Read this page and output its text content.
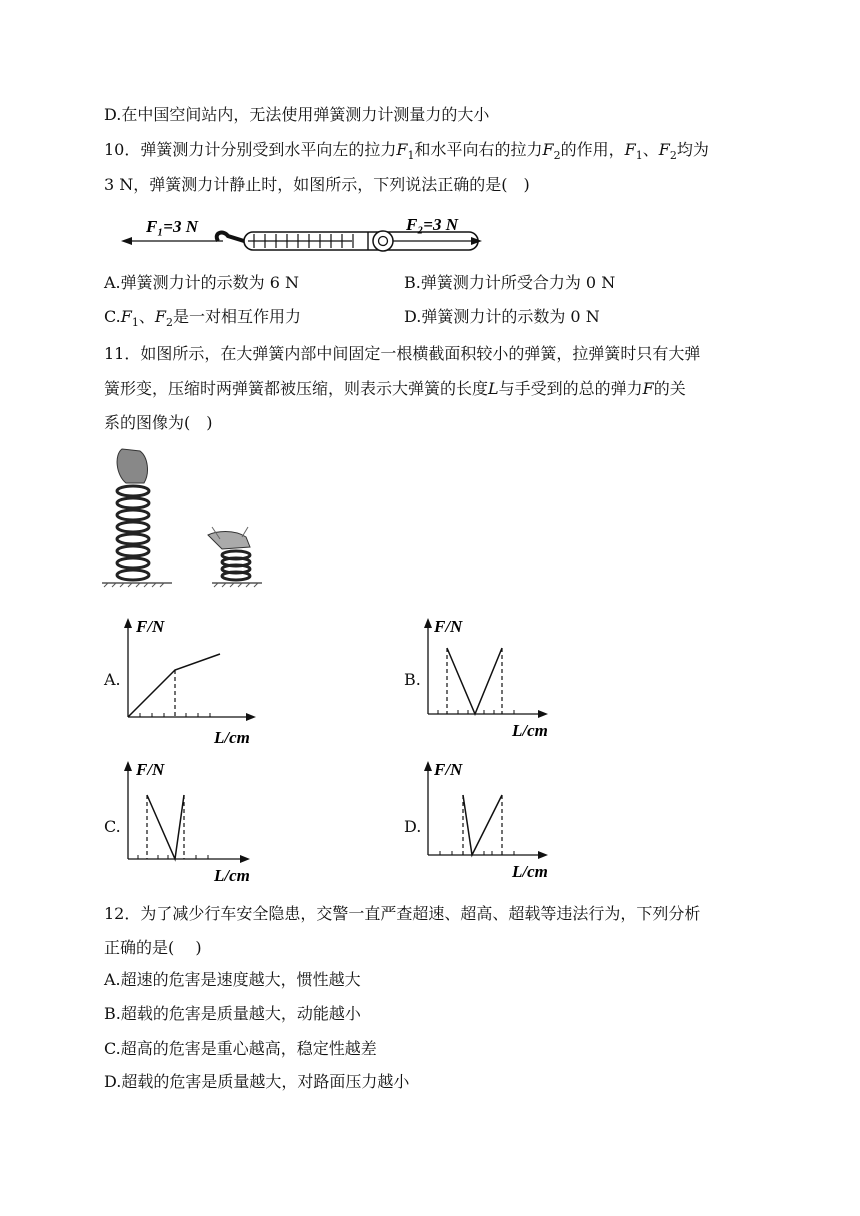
D.在中国空间站内，无法使用弹簧测力计测量力的大小
10．弹簧测力计分别受到水平向左的拉力$F_1$和水平向右的拉力$F_2$的作用，$F_1$、$F_2$均为
3 N，弹簧测力计静止时，如图所示，下列说法正确的是(　)
F₁=3 N	F₂=3 N
A.弹簧测力计的示数为 6 N	B.弹簧测力计所受合力为 0 N
$C.F_1$、$F_2$是一对相互作用力	D.弹簧测力计的示数为 0 N
11．如图所示，在大弹簧内部中间固定一根横截面积较小的弹簧，拉弹簧时只有大弹
簧形变，压缩时两弹簧都被压缩，则表示大弹簧的长度L与手受到的总的弹力F的关
系的图像为(　)
A.
F/N
L/cm
B.
F/N
L/cm
C.
F/N
L/cm
D.
F/N
L/cm
12．为了减少行车安全隐患，交警一直严查超速、超高、超载等违法行为，下列分析
正确的是(　 )
A.超速的危害是速度越大，惯性越大
B.超载的危害是质量越大，动能越小
C.超高的危害是重心越高，稳定性越差
D.超载的危害是质量越大，对路面压力越小
